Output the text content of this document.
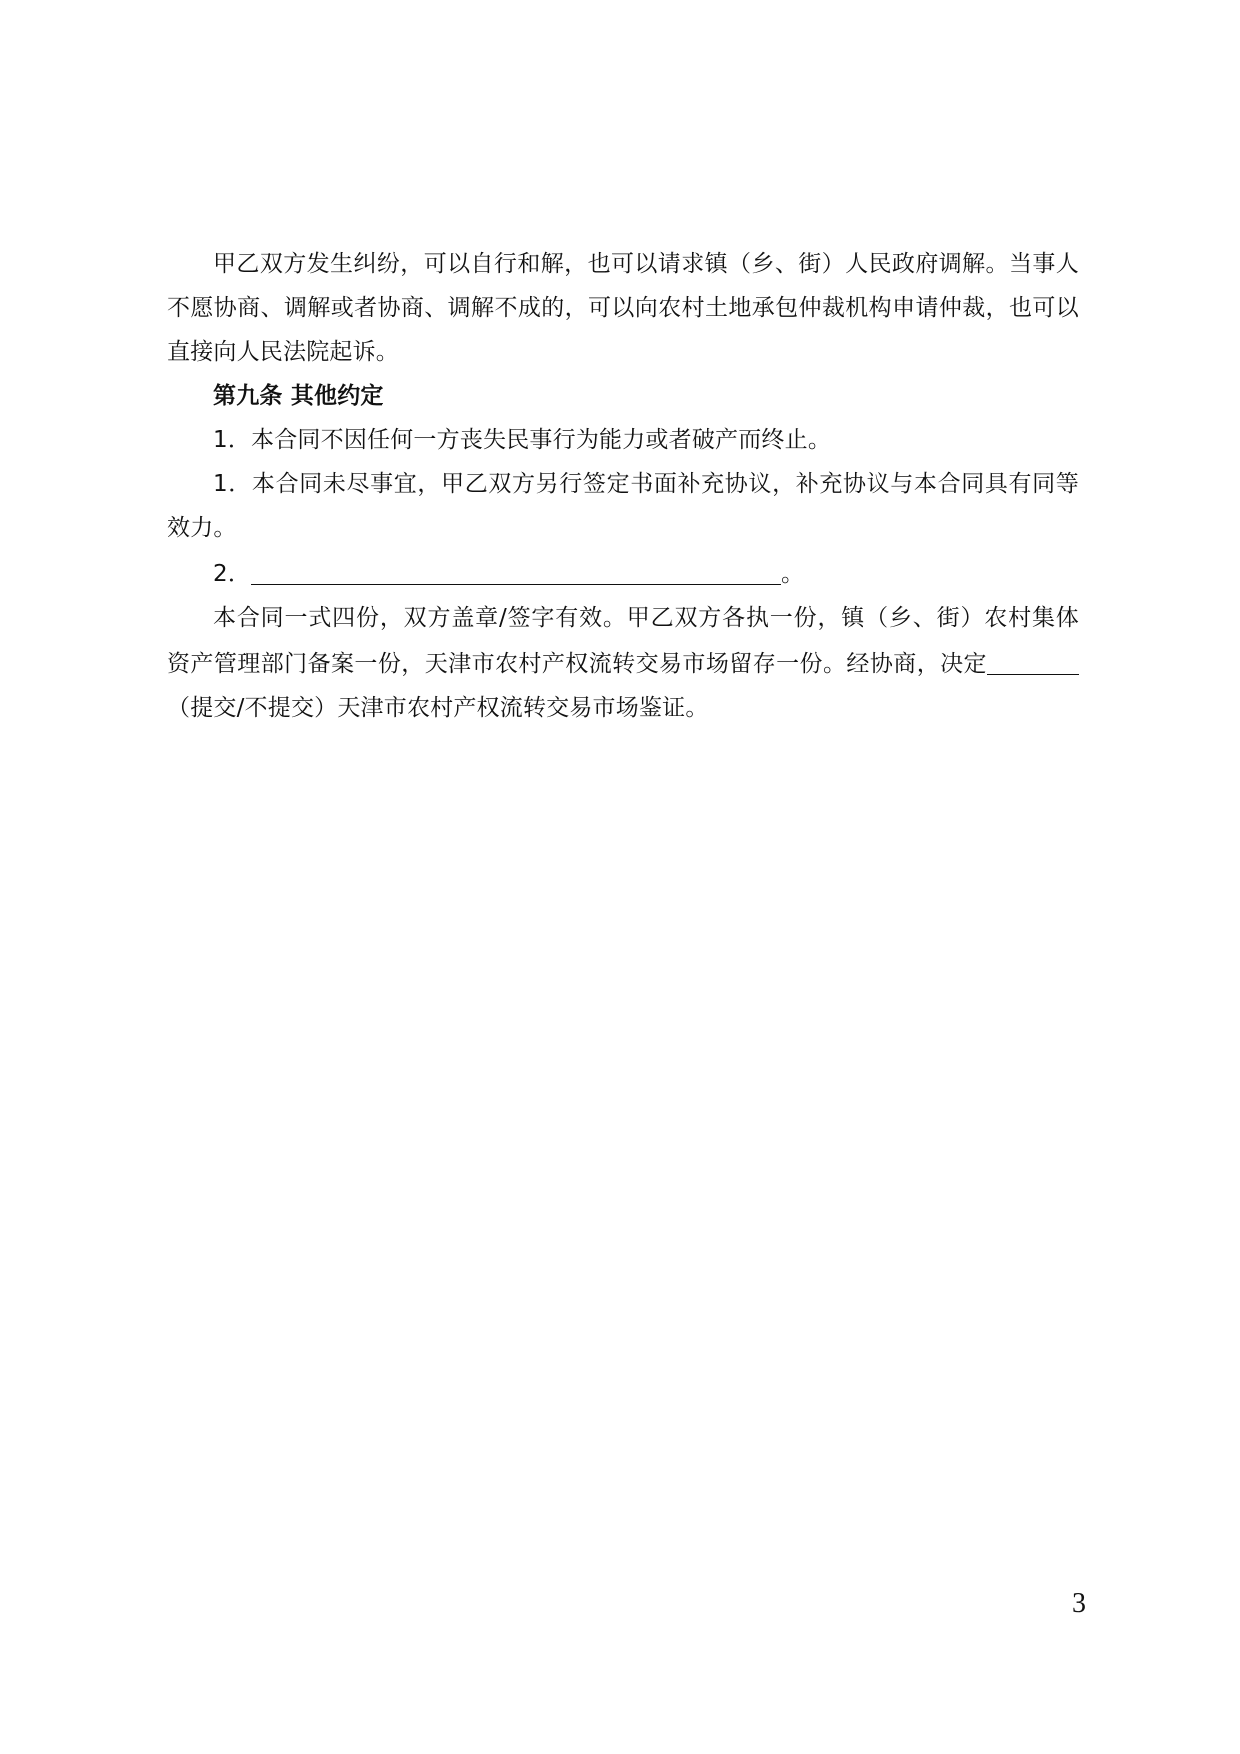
甲乙双方发生纠纷，可以自行和解，也可以请求镇（乡、街）人民政府调解。当事人不愿协商、调解或者协商、调解不成的，可以向农村土地承包仲裁机构申请仲裁，也可以直接向人民法院起诉。

第九条 其他约定

1．本合同不因任何一方丧失民事行为能力或者破产而终止。

1．本合同未尽事宜，甲乙双方另行签定书面补充协议，补充协议与本合同具有同等效力。

2．	。

本合同一式四份，双方盖章/签字有效。甲乙双方各执一份，镇（乡、街）农村集体资产管理部门备案一份，天津市农村产权流转交易市场留存一份。经协商，决定（提交/不提交）天津市农村产权流转交易市场鉴证。

3
